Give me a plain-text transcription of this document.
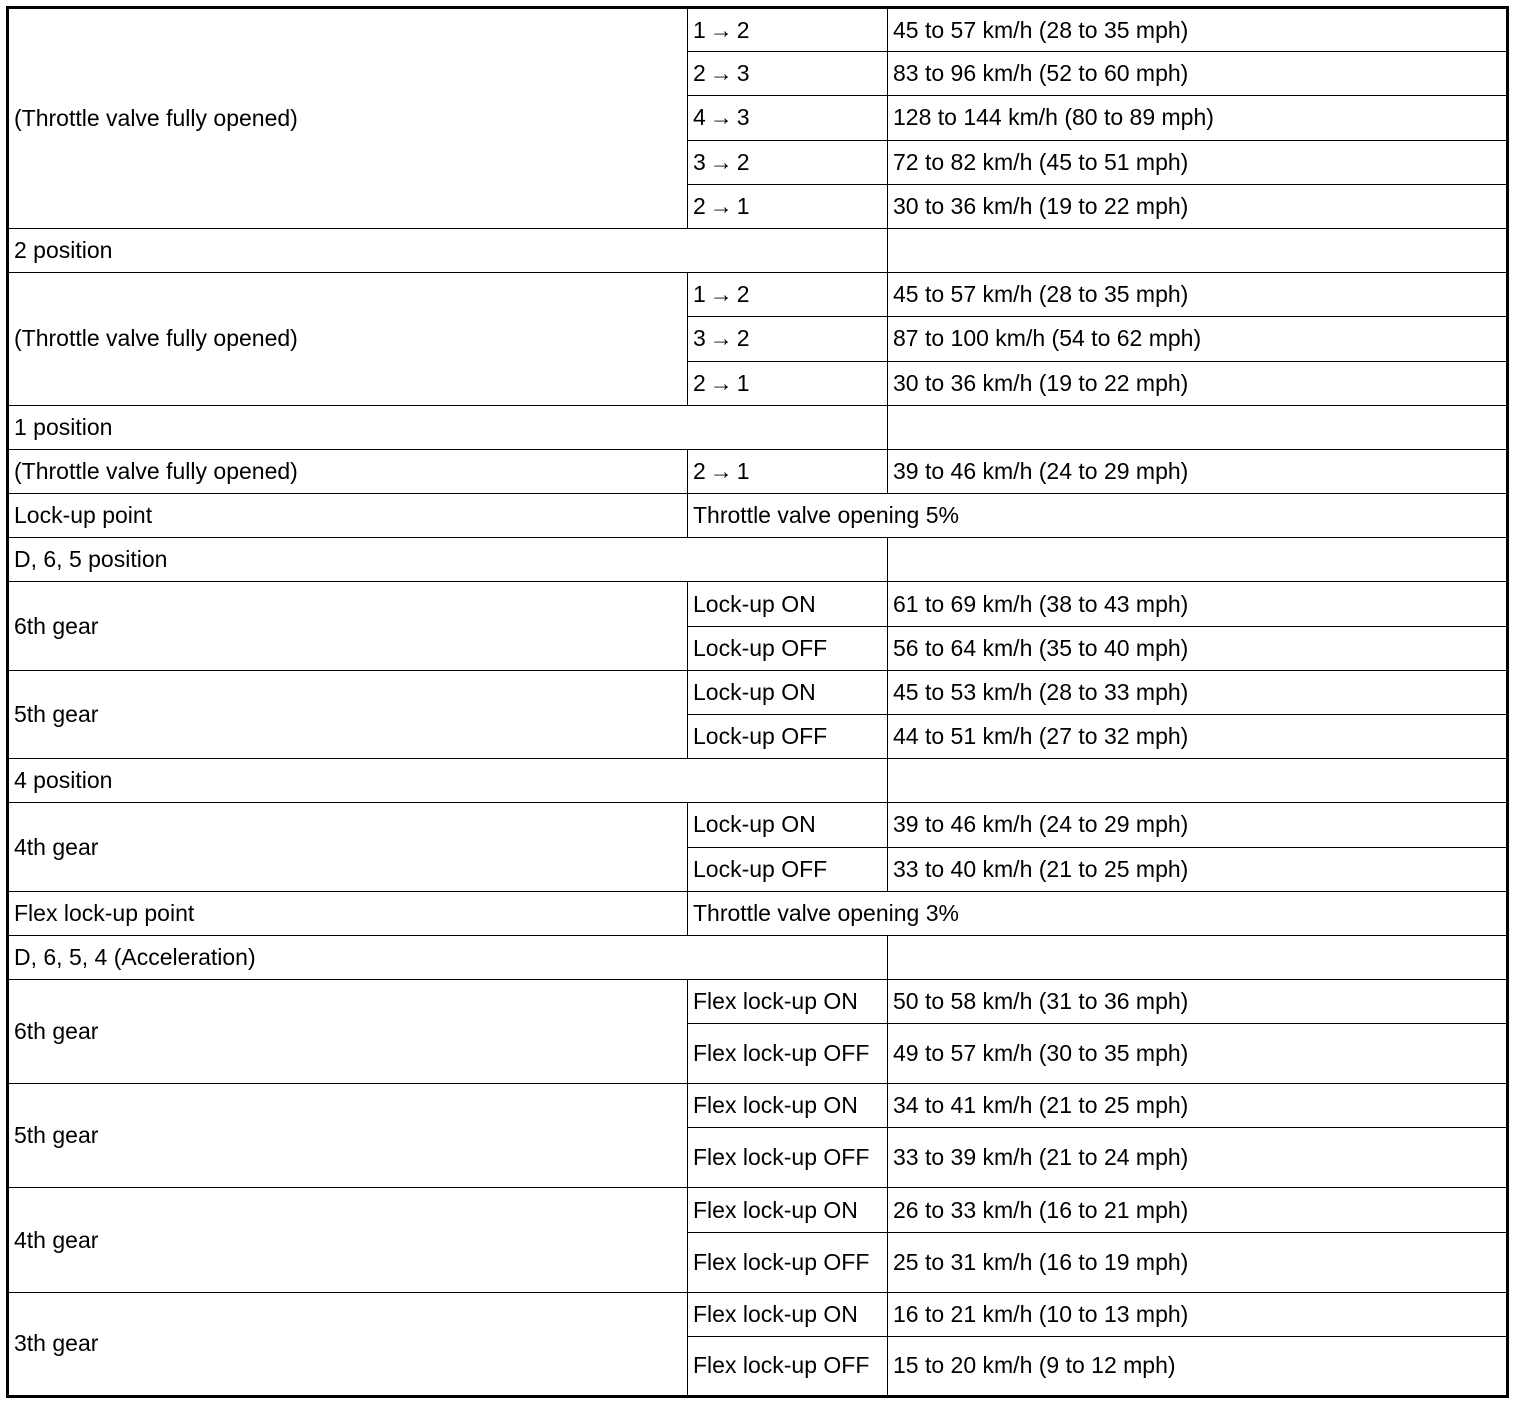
(Throttle valve fully opened)	1 → 2	45 to 57 km/h (28 to 35 mph)
	2 → 3	83 to 96 km/h (52 to 60 mph)
	4 → 3	128 to 144 km/h (80 to 89 mph)
	3 → 2	72 to 82 km/h (45 to 51 mph)
	2 → 1	30 to 36 km/h (19 to 22 mph)
2 position		
(Throttle valve fully opened)	1 → 2	45 to 57 km/h (28 to 35 mph)
	3 → 2	87 to 100 km/h (54 to 62 mph)
	2 → 1	30 to 36 km/h (19 to 22 mph)
1 position		
(Throttle valve fully opened)	2 → 1	39 to 46 km/h (24 to 29 mph)
Lock-up point	Throttle valve opening 5%	
D, 6, 5 position		
6th gear	Lock-up ON	61 to 69 km/h (38 to 43 mph)
	Lock-up OFF	56 to 64 km/h (35 to 40 mph)
5th gear	Lock-up ON	45 to 53 km/h (28 to 33 mph)
	Lock-up OFF	44 to 51 km/h (27 to 32 mph)
4 position		
4th gear	Lock-up ON	39 to 46 km/h (24 to 29 mph)
	Lock-up OFF	33 to 40 km/h (21 to 25 mph)
Flex lock-up point	Throttle valve opening 3%	
D, 6, 5, 4 (Acceleration)		
6th gear	Flex lock-up ON	50 to 58 km/h (31 to 36 mph)
	Flex lock-up OFF	49 to 57 km/h (30 to 35 mph)
5th gear	Flex lock-up ON	34 to 41 km/h (21 to 25 mph)
	Flex lock-up OFF	33 to 39 km/h (21 to 24 mph)
4th gear	Flex lock-up ON	26 to 33 km/h (16 to 21 mph)
	Flex lock-up OFF	25 to 31 km/h (16 to 19 mph)
3th gear	Flex lock-up ON	16 to 21 km/h (10 to 13 mph)
	Flex lock-up OFF	15 to 20 km/h (9 to 12 mph)
